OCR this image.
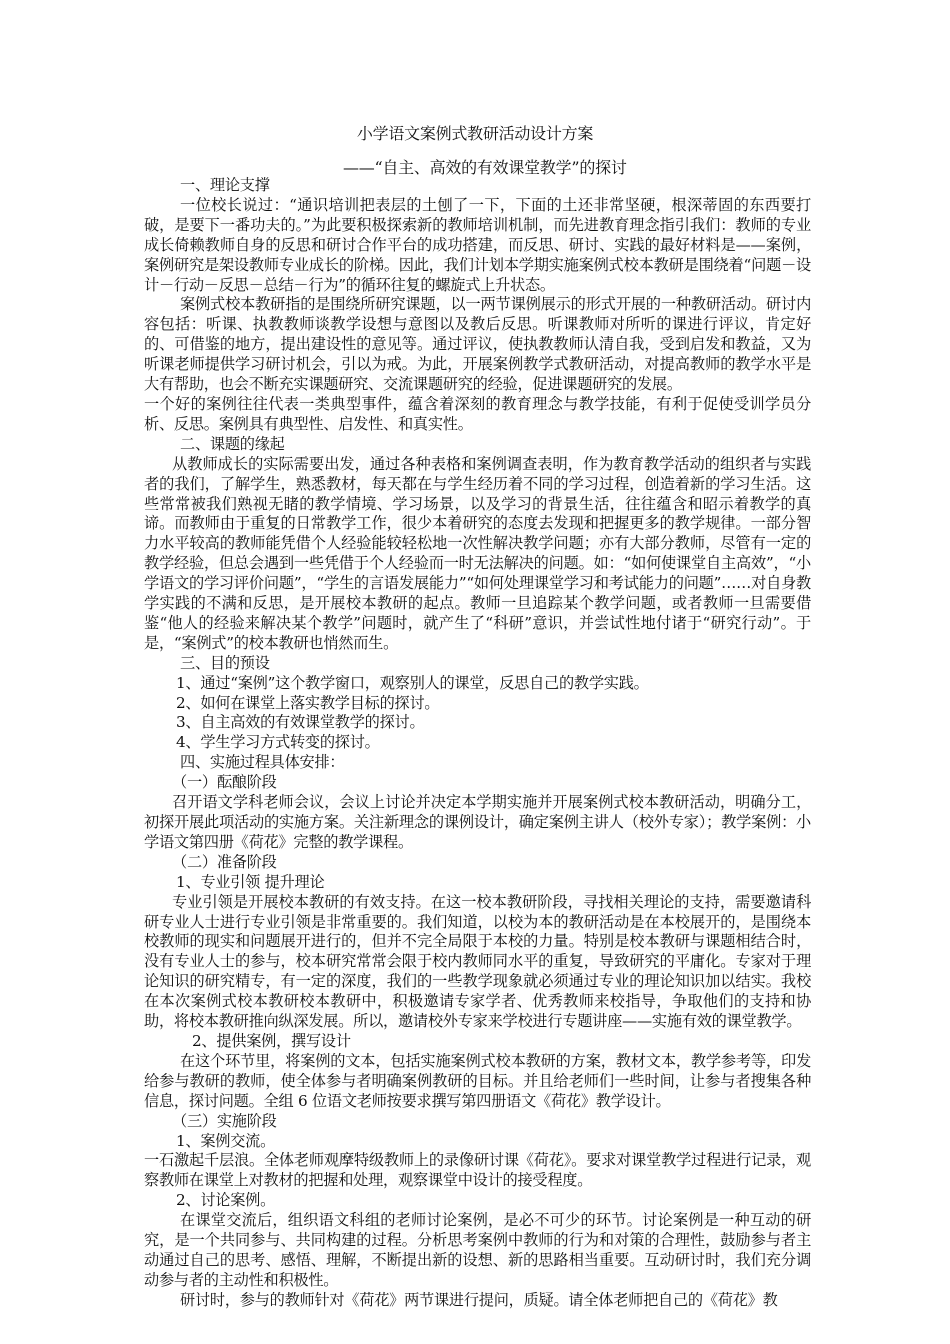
小学语文案例式教研活动设计方案
——“自主、高效的有效课堂教学”的探讨

一、理论支撑

一位校长说过：“通识培训把表层的土刨了一下，下面的土还非常坚硬，根深蒂固的东西要打破，是要下一番功夫的。”为此要积极探索新的教师培训机制，而先进教育理念指引我们：教师的专业成长倚赖教师自身的反思和研讨合作平台的成功搭建，而反思、研讨、实践的最好材料是——案例，案例研究是架设教师专业成长的阶梯。因此，我们计划本学期实施案例式校本教研是围绕着“问题－设计－行动－反思－总结－行为”的循环往复的螺旋式上升状态。

案例式校本教研指的是围绕所研究课题，以一两节课例展示的形式开展的一种教研活动。研讨内容包括：听课、执教教师谈教学设想与意图以及教后反思。听课教师对所听的课进行评议，肯定好的、可借鉴的地方，提出建设性的意见等。通过评议，使执教教师认清自我，受到启发和教益，又为听课老师提供学习研讨机会，引以为戒。为此，开展案例教学式教研活动，对提高教师的教学水平是大有帮助，也会不断充实课题研究、交流课题研究的经验，促进课题研究的发展。

一个好的案例往往代表一类典型事件，蕴含着深刻的教育理念与教学技能，有利于促使受训学员分析、反思。案例具有典型性、启发性、和真实性。

二、课题的缘起

从教师成长的实际需要出发，通过各种表格和案例调查表明，作为教育教学活动的组织者与实践者的我们，了解学生，熟悉教材，每天都在与学生经历着不同的学习过程，创造着新的学习生活。这些常常被我们熟视无睹的教学情境、学习场景，以及学习的背景生活，往往蕴含和昭示着教学的真谛。而教师由于重复的日常教学工作，很少本着研究的态度去发现和把握更多的教学规律。一部分智力水平较高的教师能凭借个人经验能较轻松地一次性解决教学问题；亦有大部分教师，尽管有一定的教学经验，但总会遇到一些凭借于个人经验而一时无法解决的问题。如：“如何使课堂自主高效”，“小学语文的学习评价问题”，“学生的言语发展能力”“如何处理课堂学习和考试能力的问题”……对自身教学实践的不满和反思，是开展校本教研的起点。教师一旦追踪某个教学问题，或者教师一旦需要借鉴“他人的经验来解决某个教学”问题时，就产生了“科研”意识，并尝试性地付诸于“研究行动”。于是，“案例式”的校本教研也悄然而生。

三、目的预设

1、通过“案例”这个教学窗口，观察别人的课堂，反思自己的教学实践。

2、如何在课堂上落实教学目标的探讨。

3、自主高效的有效课堂教学的探讨。

4、学生学习方式转变的探讨。

四、实施过程具体安排：

（一）酝酿阶段

召开语文学科老师会议，会议上讨论并决定本学期实施并开展案例式校本教研活动，明确分工，初探开展此项活动的实施方案。关注新理念的课例设计，确定案例主讲人（校外专家）；教学案例：小学语文第四册《荷花》完整的教学课程。

（二）准备阶段

1、专业引领 提升理论

专业引领是开展校本教研的有效支持。在这一校本教研阶段，寻找相关理论的支持，需要邀请科研专业人士进行专业引领是非常重要的。我们知道，以校为本的教研活动是在本校展开的，是围绕本校教师的现实和问题展开进行的，但并不完全局限于本校的力量。特别是校本教研与课题相结合时，没有专业人士的参与，校本研究常常会限于校内教师同水平的重复，导致研究的平庸化。专家对于理论知识的研究精专，有一定的深度，我们的一些教学现象就必须通过专业的理论知识加以结实。我校在本次案例式校本教研校本教研中，积极邀请专家学者、优秀教师来校指导，争取他们的支持和协助，将校本教研推向纵深发展。所以，邀请校外专家来学校进行专题讲座——实施有效的课堂教学。

2、提供案例，撰写设计

在这个环节里，将案例的文本，包括实施案例式校本教研的方案，教材文本，教学参考等，印发给参与教研的教师，使全体参与者明确案例教研的目标。并且给老师们一些时间，让参与者搜集各种信息，探讨问题。全组 6 位语文老师按要求撰写第四册语文《荷花》教学设计。

（三）实施阶段

1、案例交流。

一石激起千层浪。全体老师观摩特级教师上的录像研讨课《荷花》。要求对课堂教学过程进行记录，观察教师在课堂上对教材的把握和处理，观察课堂中设计的接受程度。

2、讨论案例。

在课堂交流后，组织语文科组的老师讨论案例，是必不可少的环节。讨论案例是一种互动的研究，是一个共同参与、共同构建的过程。分析思考案例中教师的行为和对策的合理性，鼓励参与者主动通过自己的思考、感悟、理解，不断提出新的设想、新的思路相当重要。互动研讨时，我们充分调动参与者的主动性和积极性。

研讨时，参与的教师针对《荷花》两节课进行提问，质疑。请全体老师把自己的《荷花》教
